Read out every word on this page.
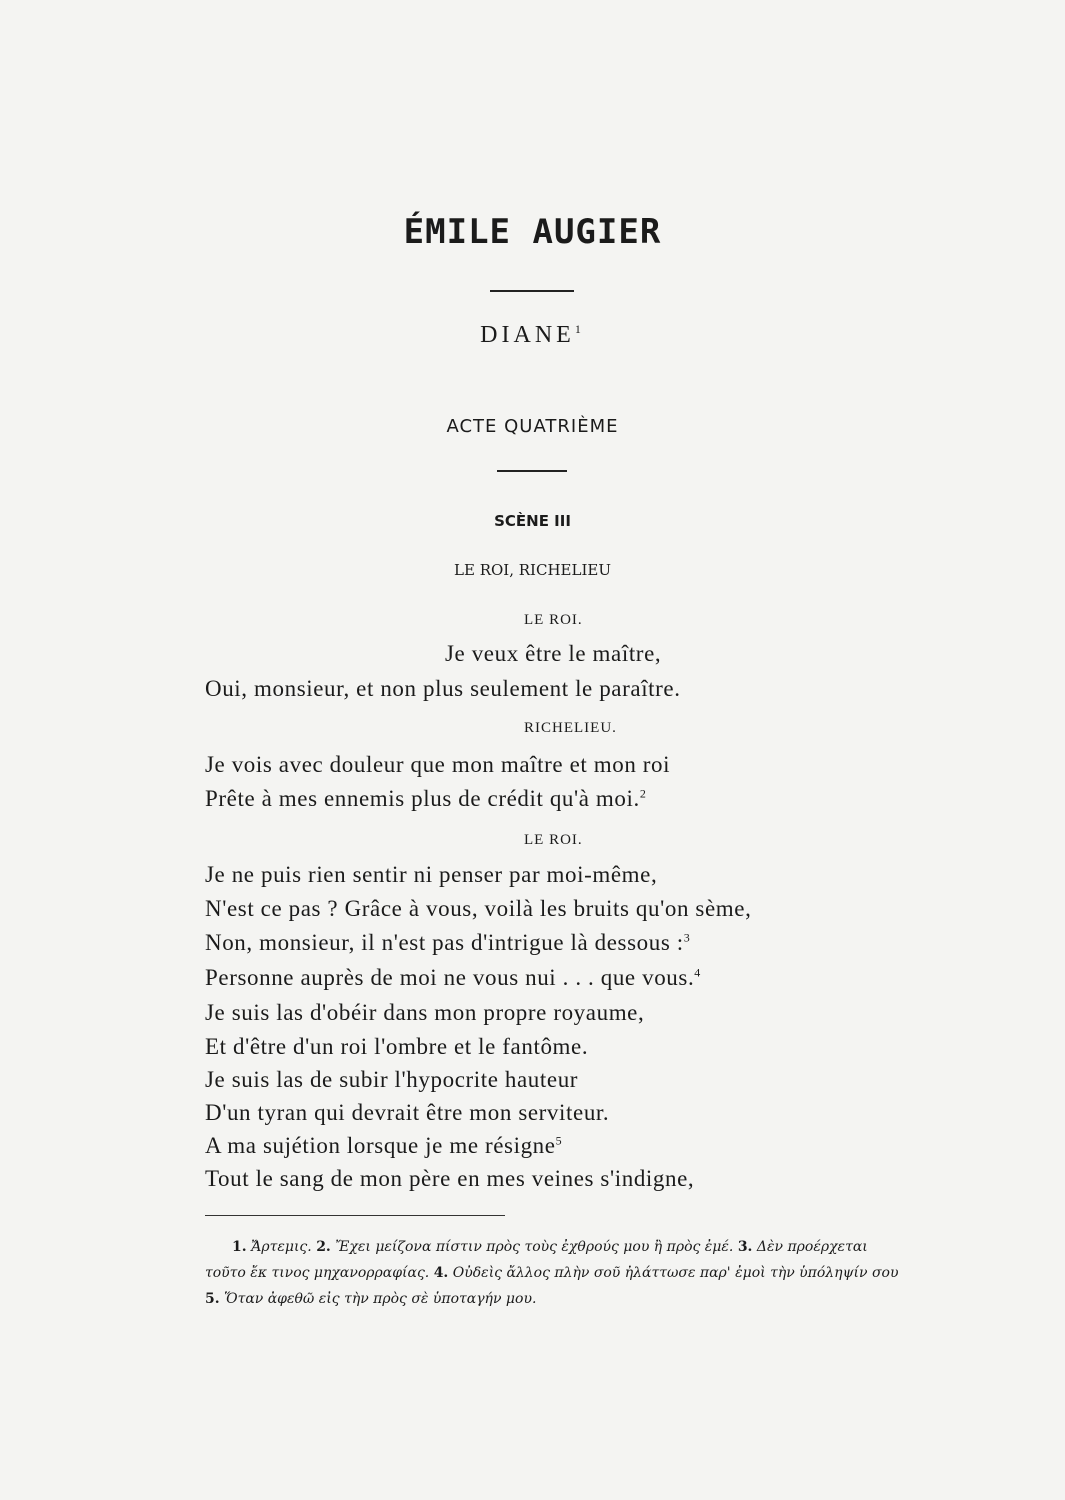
ÉMILE AUGIER
DIANE$^1$
ACTE QUATRIÈME
SCÈNE III
LE ROI, RICHELIEU
LE ROI.
Je veux être le maître,
Oui, monsieur, et non plus seulement le paraître.
RICHELIEU.
Je vois avec douleur que mon maître et mon roi
Prête à mes ennemis plus de crédit qu'à moi.$^2$
LE ROI.
Je ne puis rien sentir ni penser par moi-même,
N'est ce pas ? Grâce à vous, voilà les bruits qu'on sème,
Non, monsieur, il n'est pas d'intrigue là dessous :$^3$
Personne auprès de moi ne vous nui . . . que vous.$^4$
Je suis las d'obéir dans mon propre royaume,
Et d'être d'un roi l'ombre et le fantôme.
Je suis las de subir l'hypocrite hauteur
D'un tyran qui devrait être mon serviteur.
A ma sujétion lorsque je me résigne$^5$
Tout le sang de mon père en mes veines s'indigne,
1. Ἄρτεμις. 2. Ἔχει μείζονα πίστιν πρὸς τοὺς ἐχθρούς μου ἢ πρὸς ἐμέ. 3. Δὲν προέρχεται
τοῦτο ἔκ τινος μηχανορραφίας. 4. Οὐδεὶς ἄλλος πλὴν σοῦ ἠλάττωσε παρ' ἐμοὶ τὴν ὑπόληψίν σου
5. Ὅταν ἀφεθῶ εἰς τὴν πρὸς σὲ ὑποταγήν μου.
